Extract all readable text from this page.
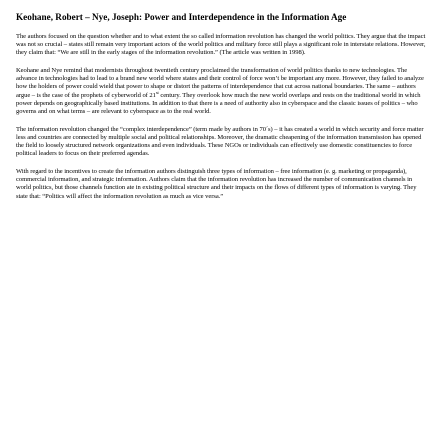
Keohane, Robert – Nye, Joseph: Power and Interdependence in the Information Age

The authors focused on the question whether and to what extent the so called information revolution has changed the world politics. They argue that the impact was not so crucial – states still remain very important actors of the world politics and military force still plays a significant role in interstate relations. However, they claim that: “We are still in the early stages of the information revolution.” (The article was written in 1998).

Keohane and Nye remind that modernists throughout twentieth century proclaimed the transformation of world politics thanks to new technologies. The advance in technologies had to lead to a brand new world where states and their control of force won’t be important any more. However, they failed to analyze how the holders of power could wield that power to shape or distort the patterns of interdependence that cut across national boundaries. The same – authors argue – is the case of the prophets of cyberworld of 21st century. They overlook how much the new world overlaps and rests on the traditional world in which power depends on geographically based institutions. In addition to that there is a need of authority also in cyberspace and the classic issues of politics – who governs and on what terms – are relevant to cyberspace as to the real world.

The information revolution changed the “complex interdependence” (term made by authors in 70´s) – it has created a world in which security and force matter less and countries are connected by multiple social and political relationships. Moreover, the dramatic cheapening of the information transmission has opened the field to loosely structured network organizations and even individuals. These NGOs or individuals can effectively use domestic constituencies to force political leaders to focus on their preferred agendas.

With regard to the incentives to create the information authors distinguish three types of information – free information (e. g. marketing or propaganda), commercial information, and strategic information. Authors claim that the information revolution has increased the number of communication channels in world politics, but those channels function ate in existing political structure and their impacts on the flows of different types of information is varying. They state that: “Politics will affect the information revolution as much as vice versa.”
